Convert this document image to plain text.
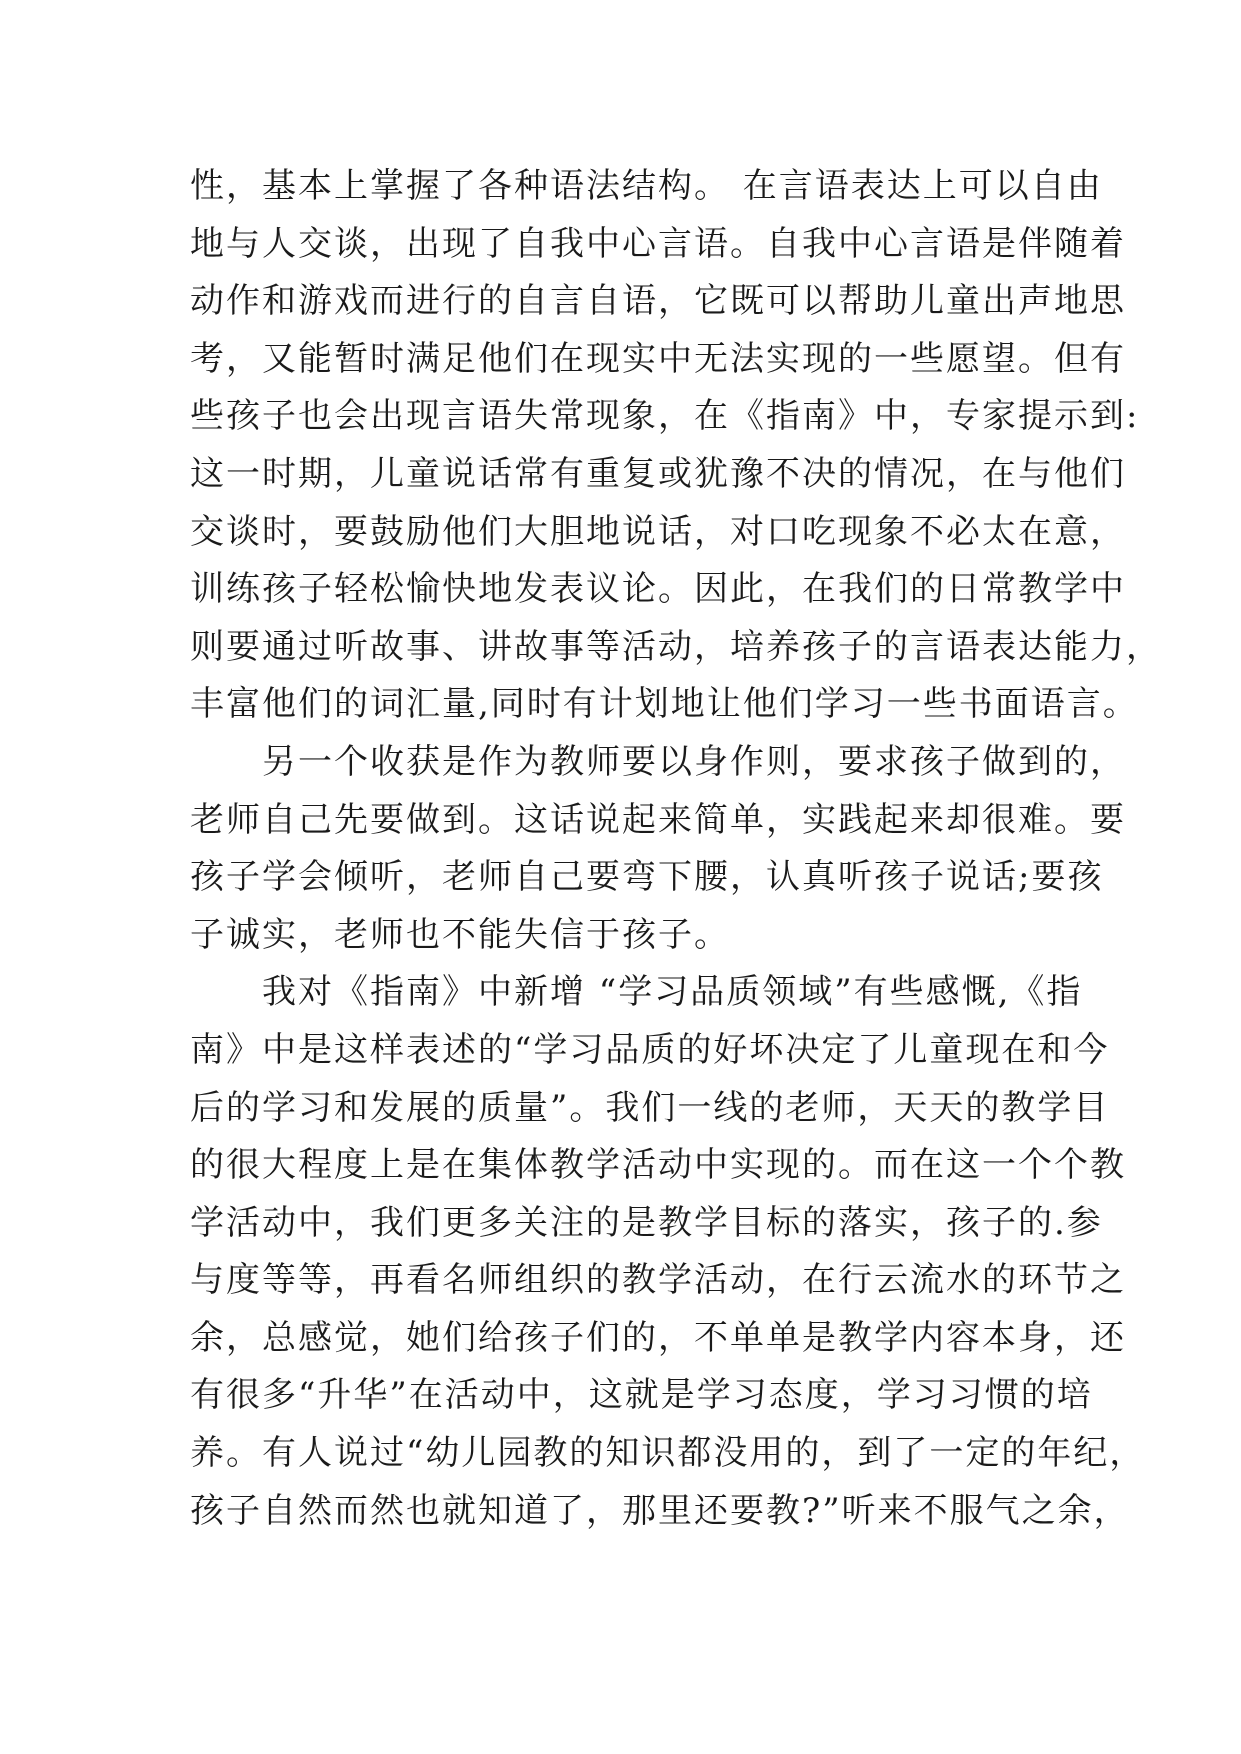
性，基本上掌握了各种语法结构。 在言语表达上可以自由
地与人交谈，出现了自我中心言语。自我中心言语是伴随着
动作和游戏而进行的自言自语，它既可以帮助儿童出声地思
考，又能暂时满足他们在现实中无法实现的一些愿望。但有
些孩子也会出现言语失常现象，在《指南》中，专家提示到:
这一时期，儿童说话常有重复或犹豫不决的情况，在与他们
交谈时，要鼓励他们大胆地说话，对口吃现象不必太在意，
训练孩子轻松愉快地发表议论。因此，在我们的日常教学中
则要通过听故事、讲故事等活动，培养孩子的言语表达能力，
丰富他们的词汇量,同时有计划地让他们学习一些书面语言。
　　另一个收获是作为教师要以身作则，要求孩子做到的，
老师自己先要做到。这话说起来简单，实践起来却很难。要
孩子学会倾听，老师自己要弯下腰，认真听孩子说话;要孩
子诚实，老师也不能失信于孩子。
　　我对《指南》中新增 “学习品质领域”有些感慨,《指
南》中是这样表述的“学习品质的好坏决定了儿童现在和今
后的学习和发展的质量”。我们一线的老师，天天的教学目
的很大程度上是在集体教学活动中实现的。而在这一个个教
学活动中，我们更多关注的是教学目标的落实，孩子的.参
与度等等，再看名师组织的教学活动，在行云流水的环节之
余，总感觉，她们给孩子们的，不单单是教学内容本身，还
有很多“升华”在活动中，这就是学习态度，学习习惯的培
养。有人说过“幼儿园教的知识都没用的，到了一定的年纪，
孩子自然而然也就知道了，那里还要教?”听来不服气之余，
